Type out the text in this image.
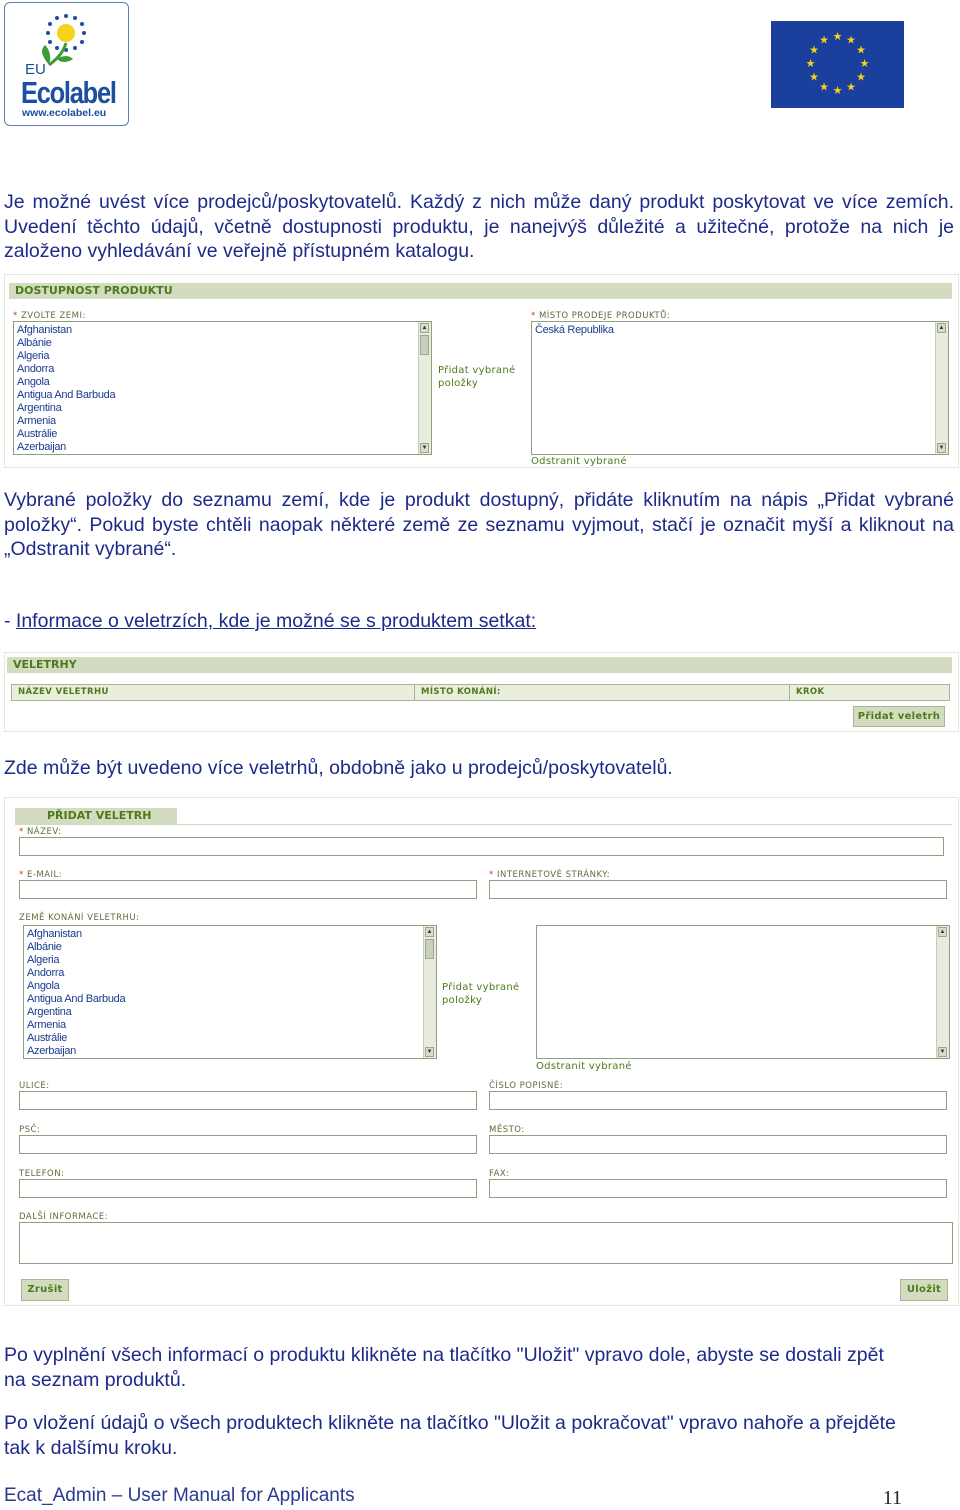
EU
Ecolabel
www.ecolabel.eu
★ ★
★
★
★
★
★
★
★
★
★
★
Je možné uvést více prodejců/poskytovatelů. Každý z nich může daný produkt poskytovat ve více zemích. Uvedení těchto údajů, včetně dostupnosti produktu, je nanejvýš důležité a užitečné, protože na nich je založeno vyhledávání ve veřejně přístupném katalogu.
DOSTUPNOST PRODUKTU
* ZVOLTE ZEMI:
Afghanistan
Albánie
Algeria
Andorra
Angola
Antigua And Barbuda
Argentina
Armenia
Austrálie
Azerbaijan
▲
▼
Přidat vybrané položky
* MÍSTO PRODEJE PRODUKTŮ:
Česká Republika	▲
▼
Odstranit vybrané
Vybrané položky do seznamu zemí, kde je produkt dostupný, přidáte kliknutím na nápis „Přidat vybrané položky“. Pokud byste chtěli naopak některé země ze seznamu vyjmout, stačí je označit myší a kliknout na „Odstranit vybrané“.
- Informace o veletrzích, kde je možné se s produktem setkat:
VELETRHY
NÁZEV VELETRHU	MÍSTO KONÁNÍ:	KROK
Přidat veletrh
Zde může být uvedeno více veletrhů, obdobně jako u prodejců/poskytovatelů.
PŘIDAT VELETRH
* NÁZEV:
* E-MAIL:	* INTERNETOVÉ STRÁNKY:
ZEMĚ KONÁNÍ VELETRHU:
Afghanistan
Albánie
Algeria
Andorra
Angola
Antigua And Barbuda
Argentina
Armenia
Austrálie
Azerbaijan
▲
▼
Přidat vybrané položky
▲
▼
Odstranit vybrané
ULICE:	ČÍSLO POPISNÉ:
PSČ:	MĚSTO:
TELEFON:	FAX:
DALŠÍ INFORMACE:
Zrušit	Uložit
Po vyplnění všech informací o produktu klikněte na tlačítko "Uložit" vpravo dole, abyste se dostali zpět na seznam produktů.
Po vložení údajů o všech produktech klikněte na tlačítko "Uložit a pokračovat" vpravo nahoře a přejděte tak k dalšímu kroku.
Ecat_Admin – User Manual for Applicants	11
